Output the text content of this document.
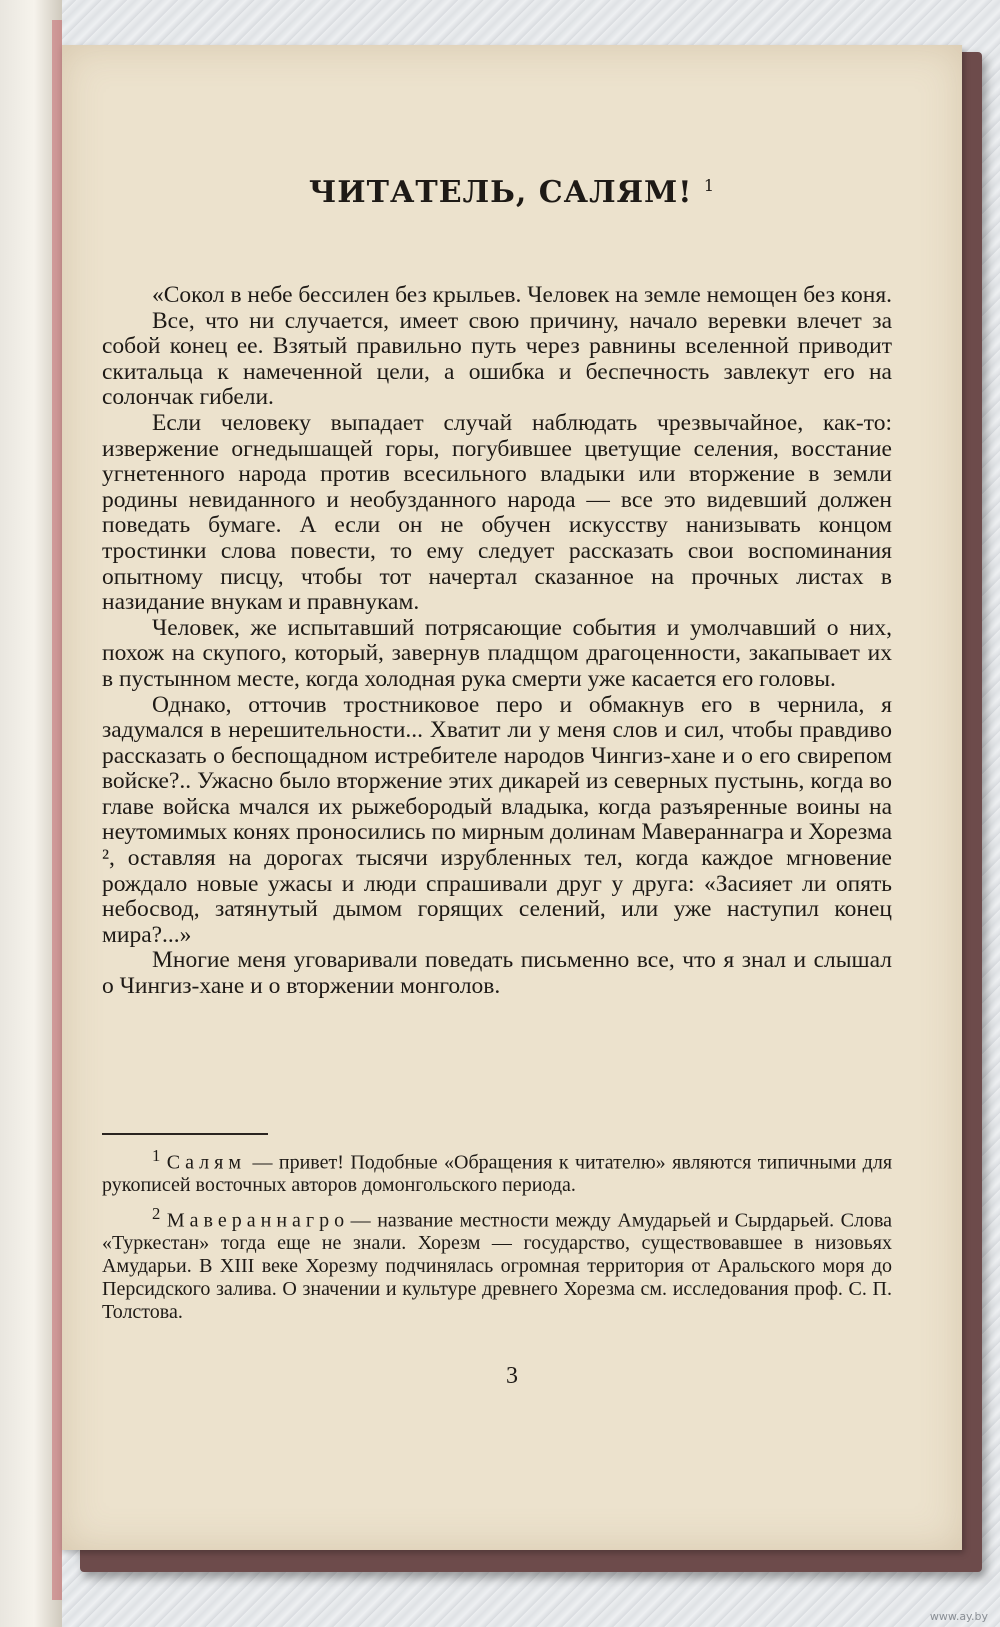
ЧИТАТЕЛЬ, САЛЯМ! $^1$

«Сокол в небе бессилен без крыльев. Человек на земле немощен без коня.

Все, что ни случается, имеет свою причину, начало веревки влечет за собой конец ее. Взятый правильно путь через равнины вселенной приводит скитальца к намеченной цели, а ошибка и беспечность завлекут его на солончак гибели.

Если человеку выпадает случай наблюдать чрезвычайное, как-то: извержение огнедышащей горы, погубившее цветущие селения, восстание угнетенного народа против всесильного владыки или вторжение в земли родины невиданного и необузданного народа — все это видевший должен поведать бумаге. А если он не обучен искусству нанизывать концом тростинки слова повести, то ему следует рассказать свои воспоминания опытному писцу, чтобы тот начертал сказанное на прочных листах в назидание внукам и правнукам.

Человек, же испытавший потрясающие события и умолчавший о них, похож на скупого, который, завернув пладщом драгоценности, закапывает их в пустынном месте, когда холодная рука смерти уже касается его головы.

Однако, отточив тростниковое перо и обмакнув его в чернила, я задумался в нерешительности... Хватит ли у меня слов и сил, чтобы правдиво рассказать о беспощадном истребителе народов Чингиз-хане и о его свирепом войске?.. Ужасно было вторжение этих дикарей из северных пустынь, когда во главе войска мчался их рыжебородый владыка, когда разъяренные воины на неутомимых конях проносились по мирным долинам Мавераннагра и Хорезма ², оставляя на дорогах тысячи изрубленных тел, когда каждое мгновение рождало новые ужасы и люди спрашивали друг у друга: «Засияет ли опять небосвод, затянутый дымом горящих селений, или уже наступил конец мира?...»

Многие меня уговаривали поведать письменно все, что я знал и слышал о Чингиз-хане и о вторжении монголов.

$^1$ Салям — привет! Подобные «Обращения к читателю» являются типичными для рукописей восточных авторов домонгольского периода.

$^2$ Мавераннагро — название местности между Амударьей и Сырдарьей. Слова «Туркестан» тогда еще не знали. Хорезм — государство, существовавшее в низовьях Амударьи. В XIII веке Хорезму подчинялась огромная территория от Аральского моря до Персидского залива. О значении и культуре древнего Хорезма см. исследования проф. С. П. Толстова.

3
www.ay.by
